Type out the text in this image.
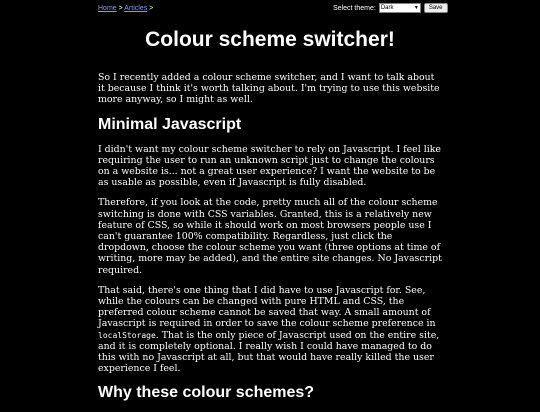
Home > Articles >	Select theme: Dark	▼	Save
Colour scheme switcher!

So I recently added a colour scheme switcher, and I want to talk about it because I think it's worth talking about. I'm trying to use this website more anyway, so I might as well.

Minimal Javascript

I didn't want my colour scheme switcher to rely on Javascript. I feel like requiring the user to run an unknown script just to change the colours on a website is... not a great user experience? I want the website to be as usable as possible, even if Javascript is fully disabled.

Therefore, if you look at the code, pretty much all of the colour scheme switching is done with CSS variables. Granted, this is a relatively new feature of CSS, so while it should work on most browsers people use I can't guarantee 100% compatibility. Regardless, just click the dropdown, choose the colour scheme you want (three options at time of writing, more may be added), and the entire site changes. No Javascript required.

That said, there's one thing that I did have to use Javascript for. See, while the colours can be changed with pure HTML and CSS, the preferred colour scheme cannot be saved that way. A small amount of Javascript is required in order to save the colour scheme preference in localStorage. That is the only piece of Javascript used on the entire site, and it is completely optional. I really wish I could have managed to do this with no Javascript at all, but that would have really killed the user experience I feel.

Why these colour schemes?
